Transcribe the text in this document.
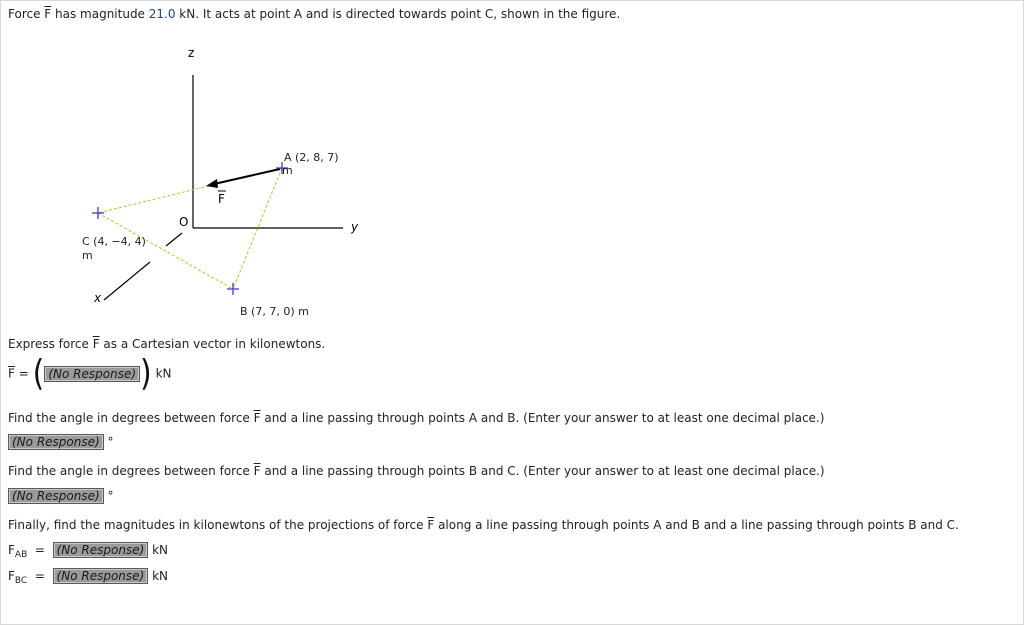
Force $\overline{F}$ has magnitude 21.0 kN. It acts at point A and is directed towards point C, shown in the figure.
z
y
x
O
F
A (2, 8, 7)
m
B (7, 7, 0) m
C (4, −4, 4)
m
Express force $\overline{F}$ as a Cartesian vector in kilonewtons.
$\overline{F}$ = ( (No Response) ) kN
Find the angle in degrees between force $\overline{F}$ and a line passing through points A and B. (Enter your answer to at least one decimal place.)
(No Response) °
Find the angle in degrees between force $\overline{F}$ and a line passing through points B and C. (Enter your answer to at least one decimal place.)
(No Response) °
Finally, find the magnitudes in kilonewtons of the projections of force $\overline{F}$ along a line passing through points A and B and a line passing through points B and C.
$F_{AB} = (No$ Response) kN
$F_{BC} = (No$ Response) kN
